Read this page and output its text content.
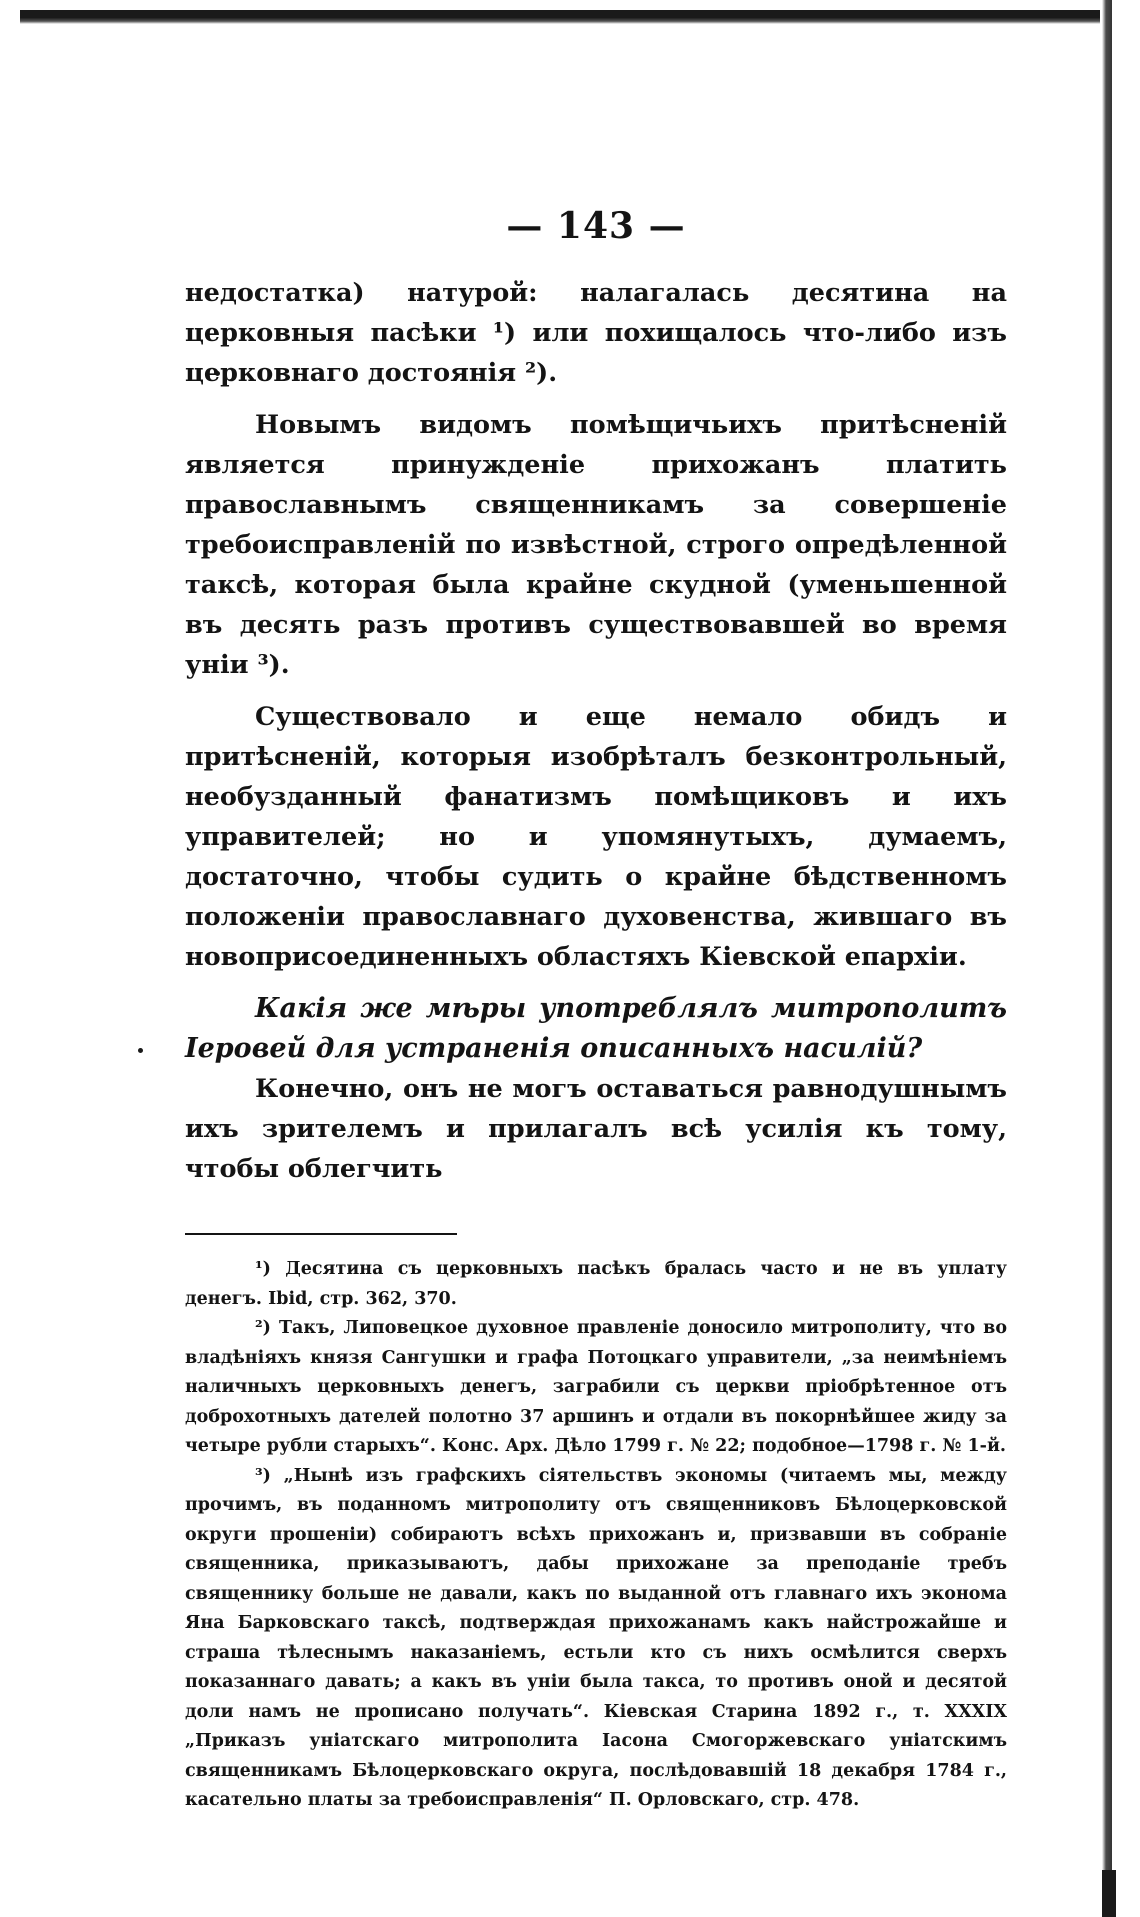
— 143 —

недостатка) натурой: налагалась десятина на церковныя пасѣки ¹) или похищалось что-либо изъ церковнаго достоянія ²).

Новымъ видомъ помѣщичьихъ притѣсненій является принужденіе прихожанъ платить православнымъ священникамъ за совершеніе требоисправленій по извѣстной, строго опредѣленной таксѣ, которая была крайне скудной (уменьшенной въ десять разъ противъ существовавшей во время уніи ³).

Существовало и еще немало обидъ и притѣсненій, которыя изобрѣталъ безконтрольный, необузданный фанатизмъ помѣщиковъ и ихъ управителей; но и упомянутыхъ, думаемъ, достаточно, чтобы судить о крайне бѣдственномъ положеніи православнаго духовенства, жившаго въ новоприсоединенныхъ областяхъ Кіевской епархіи.

Какія же мѣры употреблялъ митрополитъ Іеровей для устраненія описанныхъ насилій?

Конечно, онъ не могъ оставаться равнодушнымъ ихъ зрителемъ и прилагалъ всѣ усилія къ тому, чтобы облегчить

¹) Десятина съ церковныхъ пасѣкъ бралась часто и не въ уплату денегъ. Ibid, стр. 362, 370.

²) Такъ, Липовецкое духовное правленіе доносило митрополиту, что во владѣніяхъ князя Сангушки и графа Потоцкаго управители, „за неимѣніемъ наличныхъ церковныхъ денегъ, заграбили съ церкви пріобрѣтенное отъ доброхотныхъ дателей полотно 37 аршинъ и отдали въ покорнѣйшее жиду за четыре рубли старыхъ“. Конс. Арх. Дѣло 1799 г. № 22; подобное—1798 г. № 1-й.

³) „Нынѣ изъ графскихъ сіятельствъ экономы (читаемъ мы, между прочимъ, въ поданномъ митрополиту отъ священниковъ Бѣлоцерковской округи прошеніи) собираютъ всѣхъ прихожанъ и, призвавши въ собраніе священника, приказываютъ, дабы прихожане за преподаніе требъ священнику больше не давали, какъ по выданной отъ главнаго ихъ эконома Яна Барковскаго таксѣ, подтверждая прихожанамъ какъ найстрожайше и страша тѣлеснымъ наказаніемъ, естьли кто съ нихъ осмѣлится сверхъ показаннаго давать; а какъ въ уніи была такса, то противъ оной и десятой доли намъ не прописано получать“. Кіевская Старина 1892 г., т. XXXIX „Приказъ уніатскаго митрополита Іасона Смогоржевскаго уніатскимъ священникамъ Бѣлоцерковскаго округа, послѣдовавшій 18 декабря 1784 г., касательно платы за требоисправленія“ П. Орловскаго, стр. 478.
